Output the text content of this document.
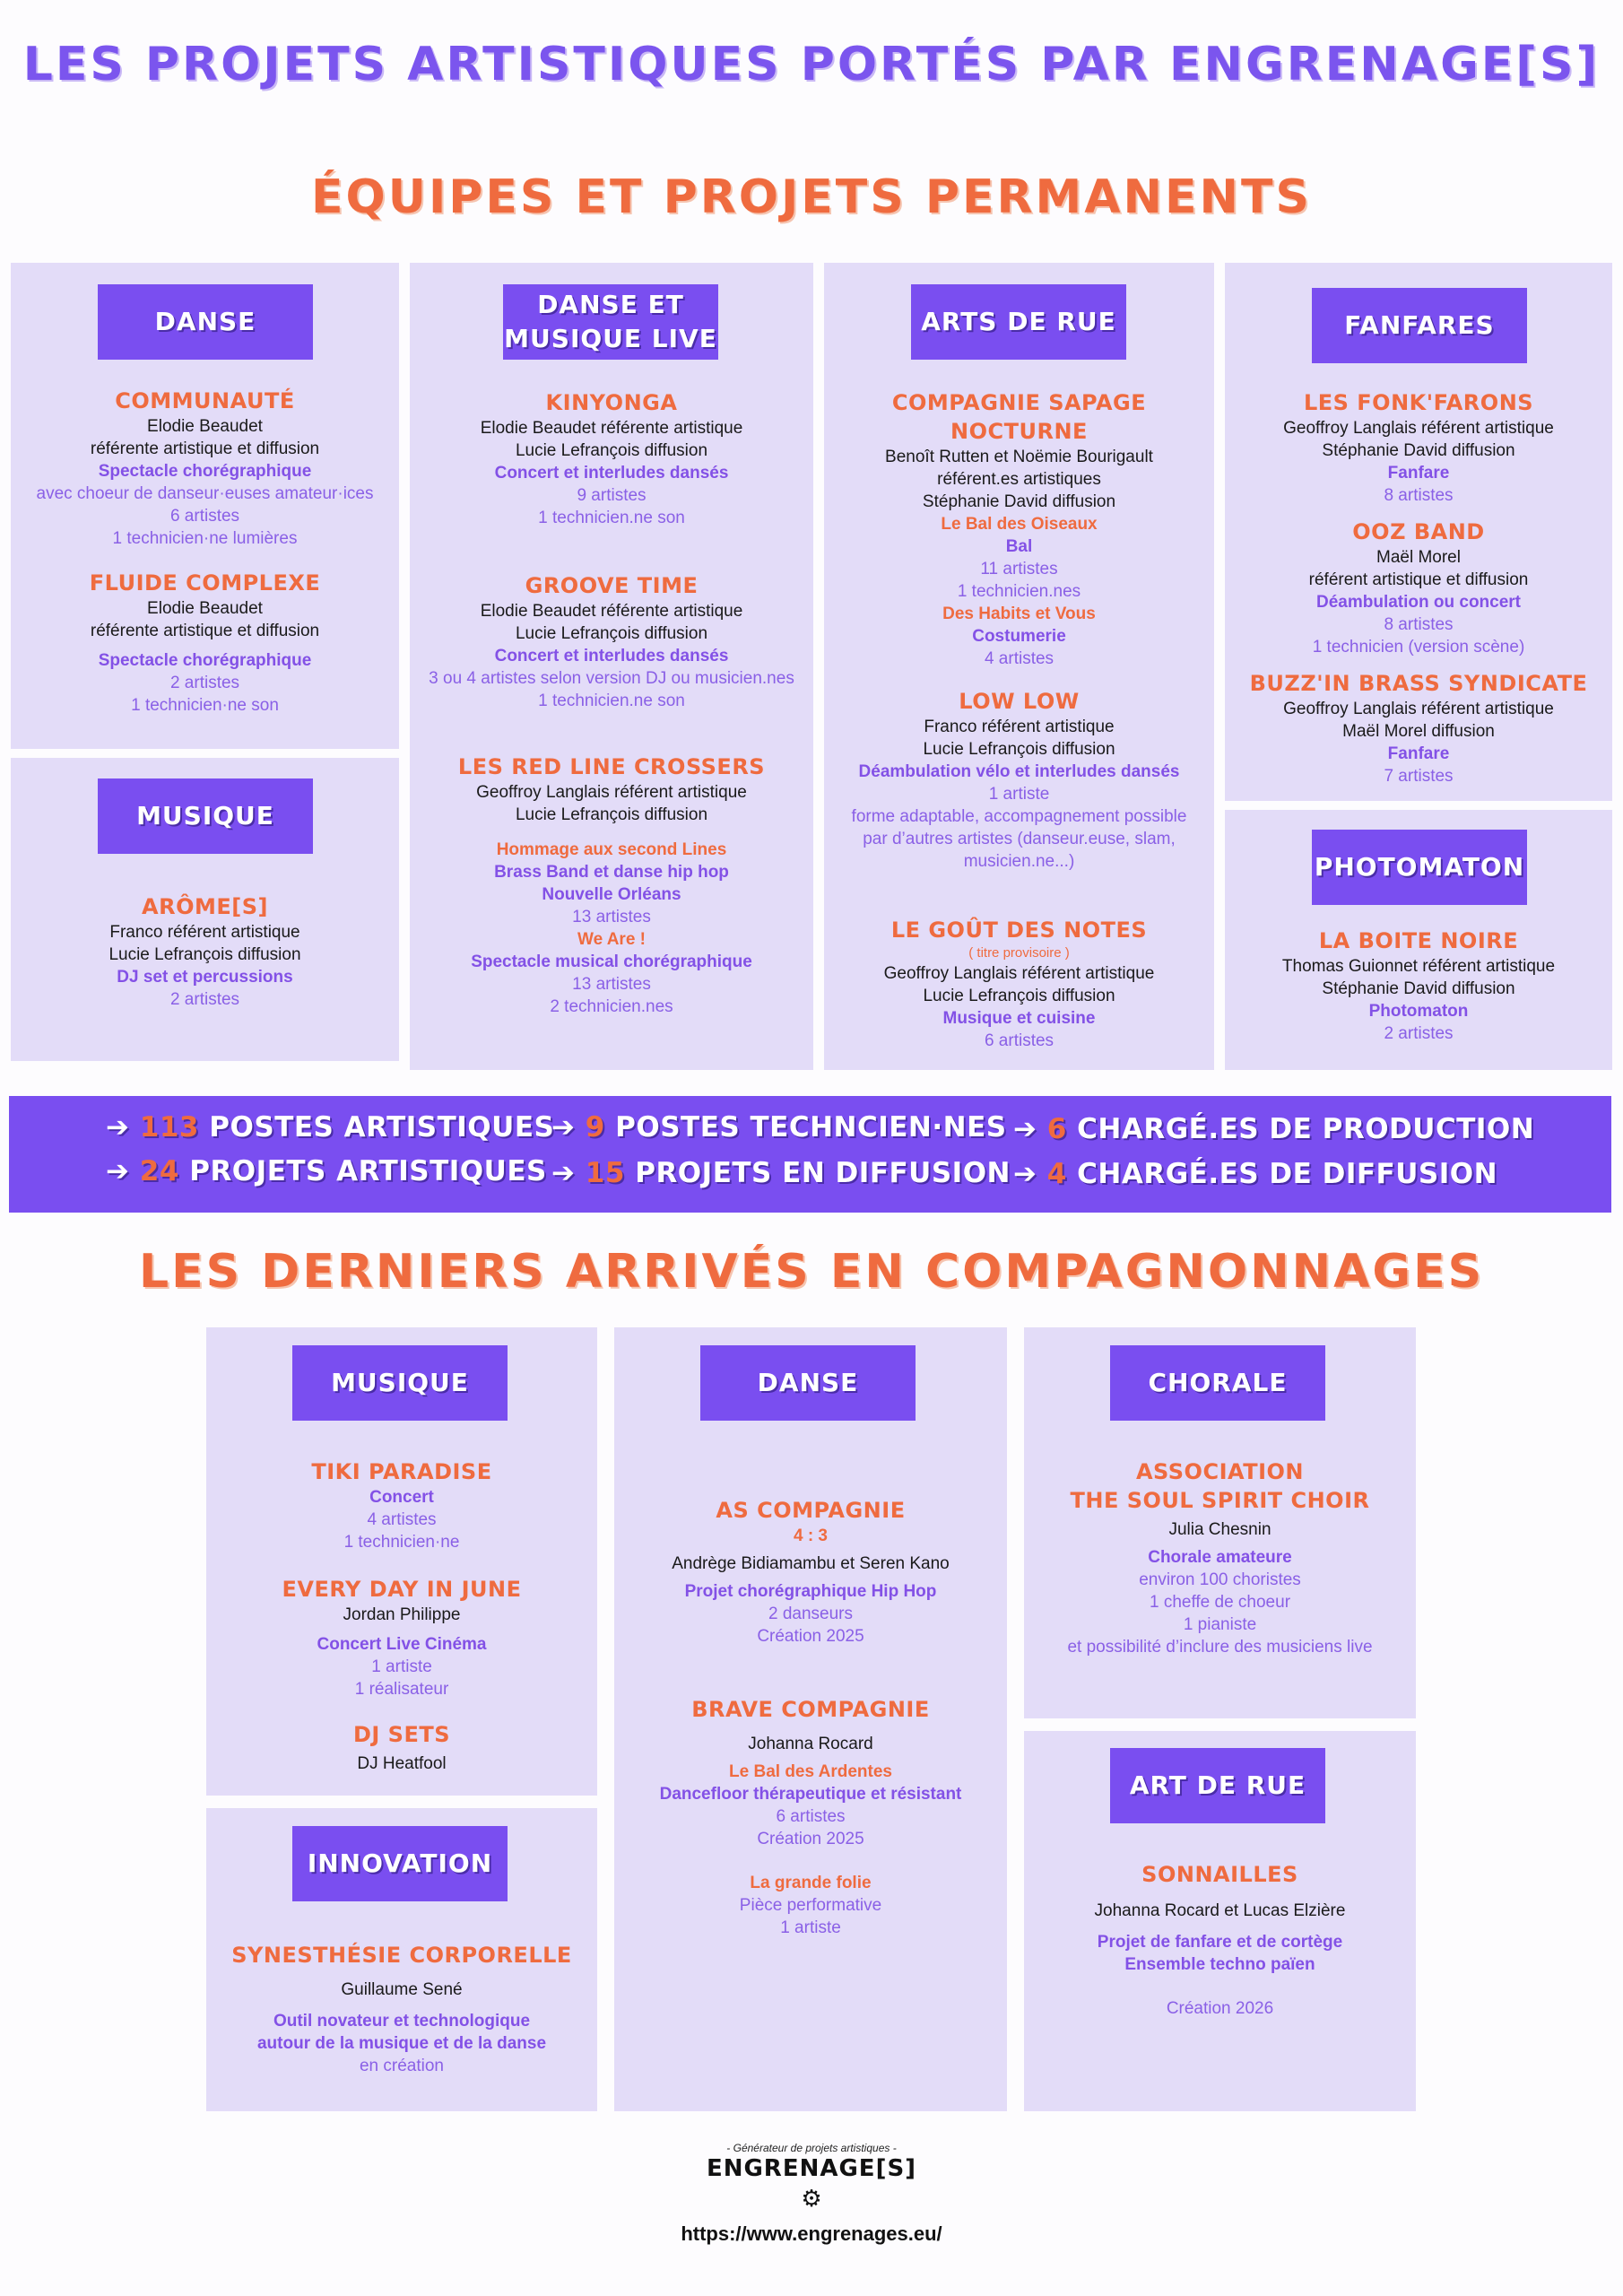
LES PROJETS ARTISTIQUES PORTÉS PAR ENGRENAGE[S]
ÉQUIPES ET PROJETS PERMANENTS
DANSE

COMMUNAUTÉ

Elodie Beaudet

référente artistique et diffusion

Spectacle chorégraphique

avec choeur de danseur·euses amateur·ices

6 artistes

1 technicien·ne lumières

FLUIDE COMPLEXE

Elodie Beaudet

référente artistique et diffusion

Spectacle chorégraphique

2 artistes

1 technicien·ne son

MUSIQUE

ARÔME[S]

Franco référent artistique

Lucie Lefrançois diffusion

DJ set et percussions

2 artistes

DANSE ET
MUSIQUE LIVE

KINYONGA

Elodie Beaudet référente artistique

Lucie Lefrançois diffusion

Concert et interludes dansés

9 artistes

1 technicien.ne son

GROOVE TIME

Elodie Beaudet référente artistique

Lucie Lefrançois diffusion

Concert et interludes dansés

3 ou 4 artistes selon version DJ ou musicien.nes

1 technicien.ne son

LES RED LINE CROSSERS

Geoffroy Langlais référent artistique

Lucie Lefrançois diffusion

Hommage aux second Lines

Brass Band et danse hip hop

Nouvelle Orléans

13 artistes

We Are !

Spectacle musical chorégraphique

13 artistes

2 technicien.nes

ARTS DE RUE

COMPAGNIE SAPAGE NOCTURNE

Benoît Rutten et Noëmie Bourigault

référent.es artistiques

Stéphanie David diffusion

Le Bal des Oiseaux

Bal

11 artistes

1 technicien.nes

Des Habits et Vous

Costumerie

4 artistes

LOW LOW

Franco référent artistique

Lucie Lefrançois diffusion

Déambulation vélo et interludes dansés

1 artiste

forme adaptable, accompagnement possible

par d’autres artistes (danseur.euse, slam,

musicien.ne...)

LE GOÛT DES NOTES

( titre provisoire )

Geoffroy Langlais référent artistique

Lucie Lefrançois diffusion

Musique et cuisine

6 artistes

FANFARES

LES FONK'FARONS

Geoffroy Langlais référent artistique

Stéphanie David diffusion

Fanfare

8 artistes

OOZ BAND

Maël Morel

référent artistique et diffusion

Déambulation ou concert

8 artistes

1 technicien (version scène)

BUZZ'IN BRASS SYNDICATE

Geoffroy Langlais référent artistique

Maël Morel diffusion

Fanfare

7 artistes

PHOTOMATON

LA BOITE NOIRE

Thomas Guionnet référent artistique

Stéphanie David diffusion

Photomaton

2 artistes

➔ 113 POSTES ARTISTIQUES
➔ 24 PROJETS ARTISTIQUES
➔ 9 POSTES TECHNCIEN·NES
➔ 15 PROJETS EN DIFFUSION
➔ 6 CHARGÉ.ES DE PRODUCTION
➔ 4 CHARGÉ.ES DE DIFFUSION
LES DERNIERS ARRIVÉS EN COMPAGNONNAGES
MUSIQUE

TIKI PARADISE

Concert

4 artistes

1 technicien·ne

EVERY DAY IN JUNE

Jordan Philippe

Concert Live Cinéma

1 artiste

1 réalisateur

DJ SETS

DJ Heatfool

INNOVATION

SYNESTHÉSIE CORPORELLE

Guillaume Sené

Outil novateur et technologique

autour de la musique et de la danse

en création

DANSE

AS COMPAGNIE

4 : 3

Andrège Bidiamambu et Seren Kano

Projet chorégraphique Hip Hop

2 danseurs

Création 2025

BRAVE COMPAGNIE

Johanna Rocard

Le Bal des Ardentes

Dancefloor thérapeutique et résistant

6 artistes

Création 2025

La grande folie

Pièce performative

1 artiste

CHORALE

ASSOCIATION

THE SOUL SPIRIT CHOIR

Julia Chesnin

Chorale amateure

environ 100 choristes

1 cheffe de choeur

1 pianiste

et possibilité d’inclure des musiciens live

ART DE RUE

SONNAILLES

Johanna Rocard et Lucas Elzière

Projet de fanfare et de cortège

Ensemble techno païen

Création 2026

- Générateur de projets artistiques -
ENGRENAGE[S]
⚙
https://www.engrenages.eu/
